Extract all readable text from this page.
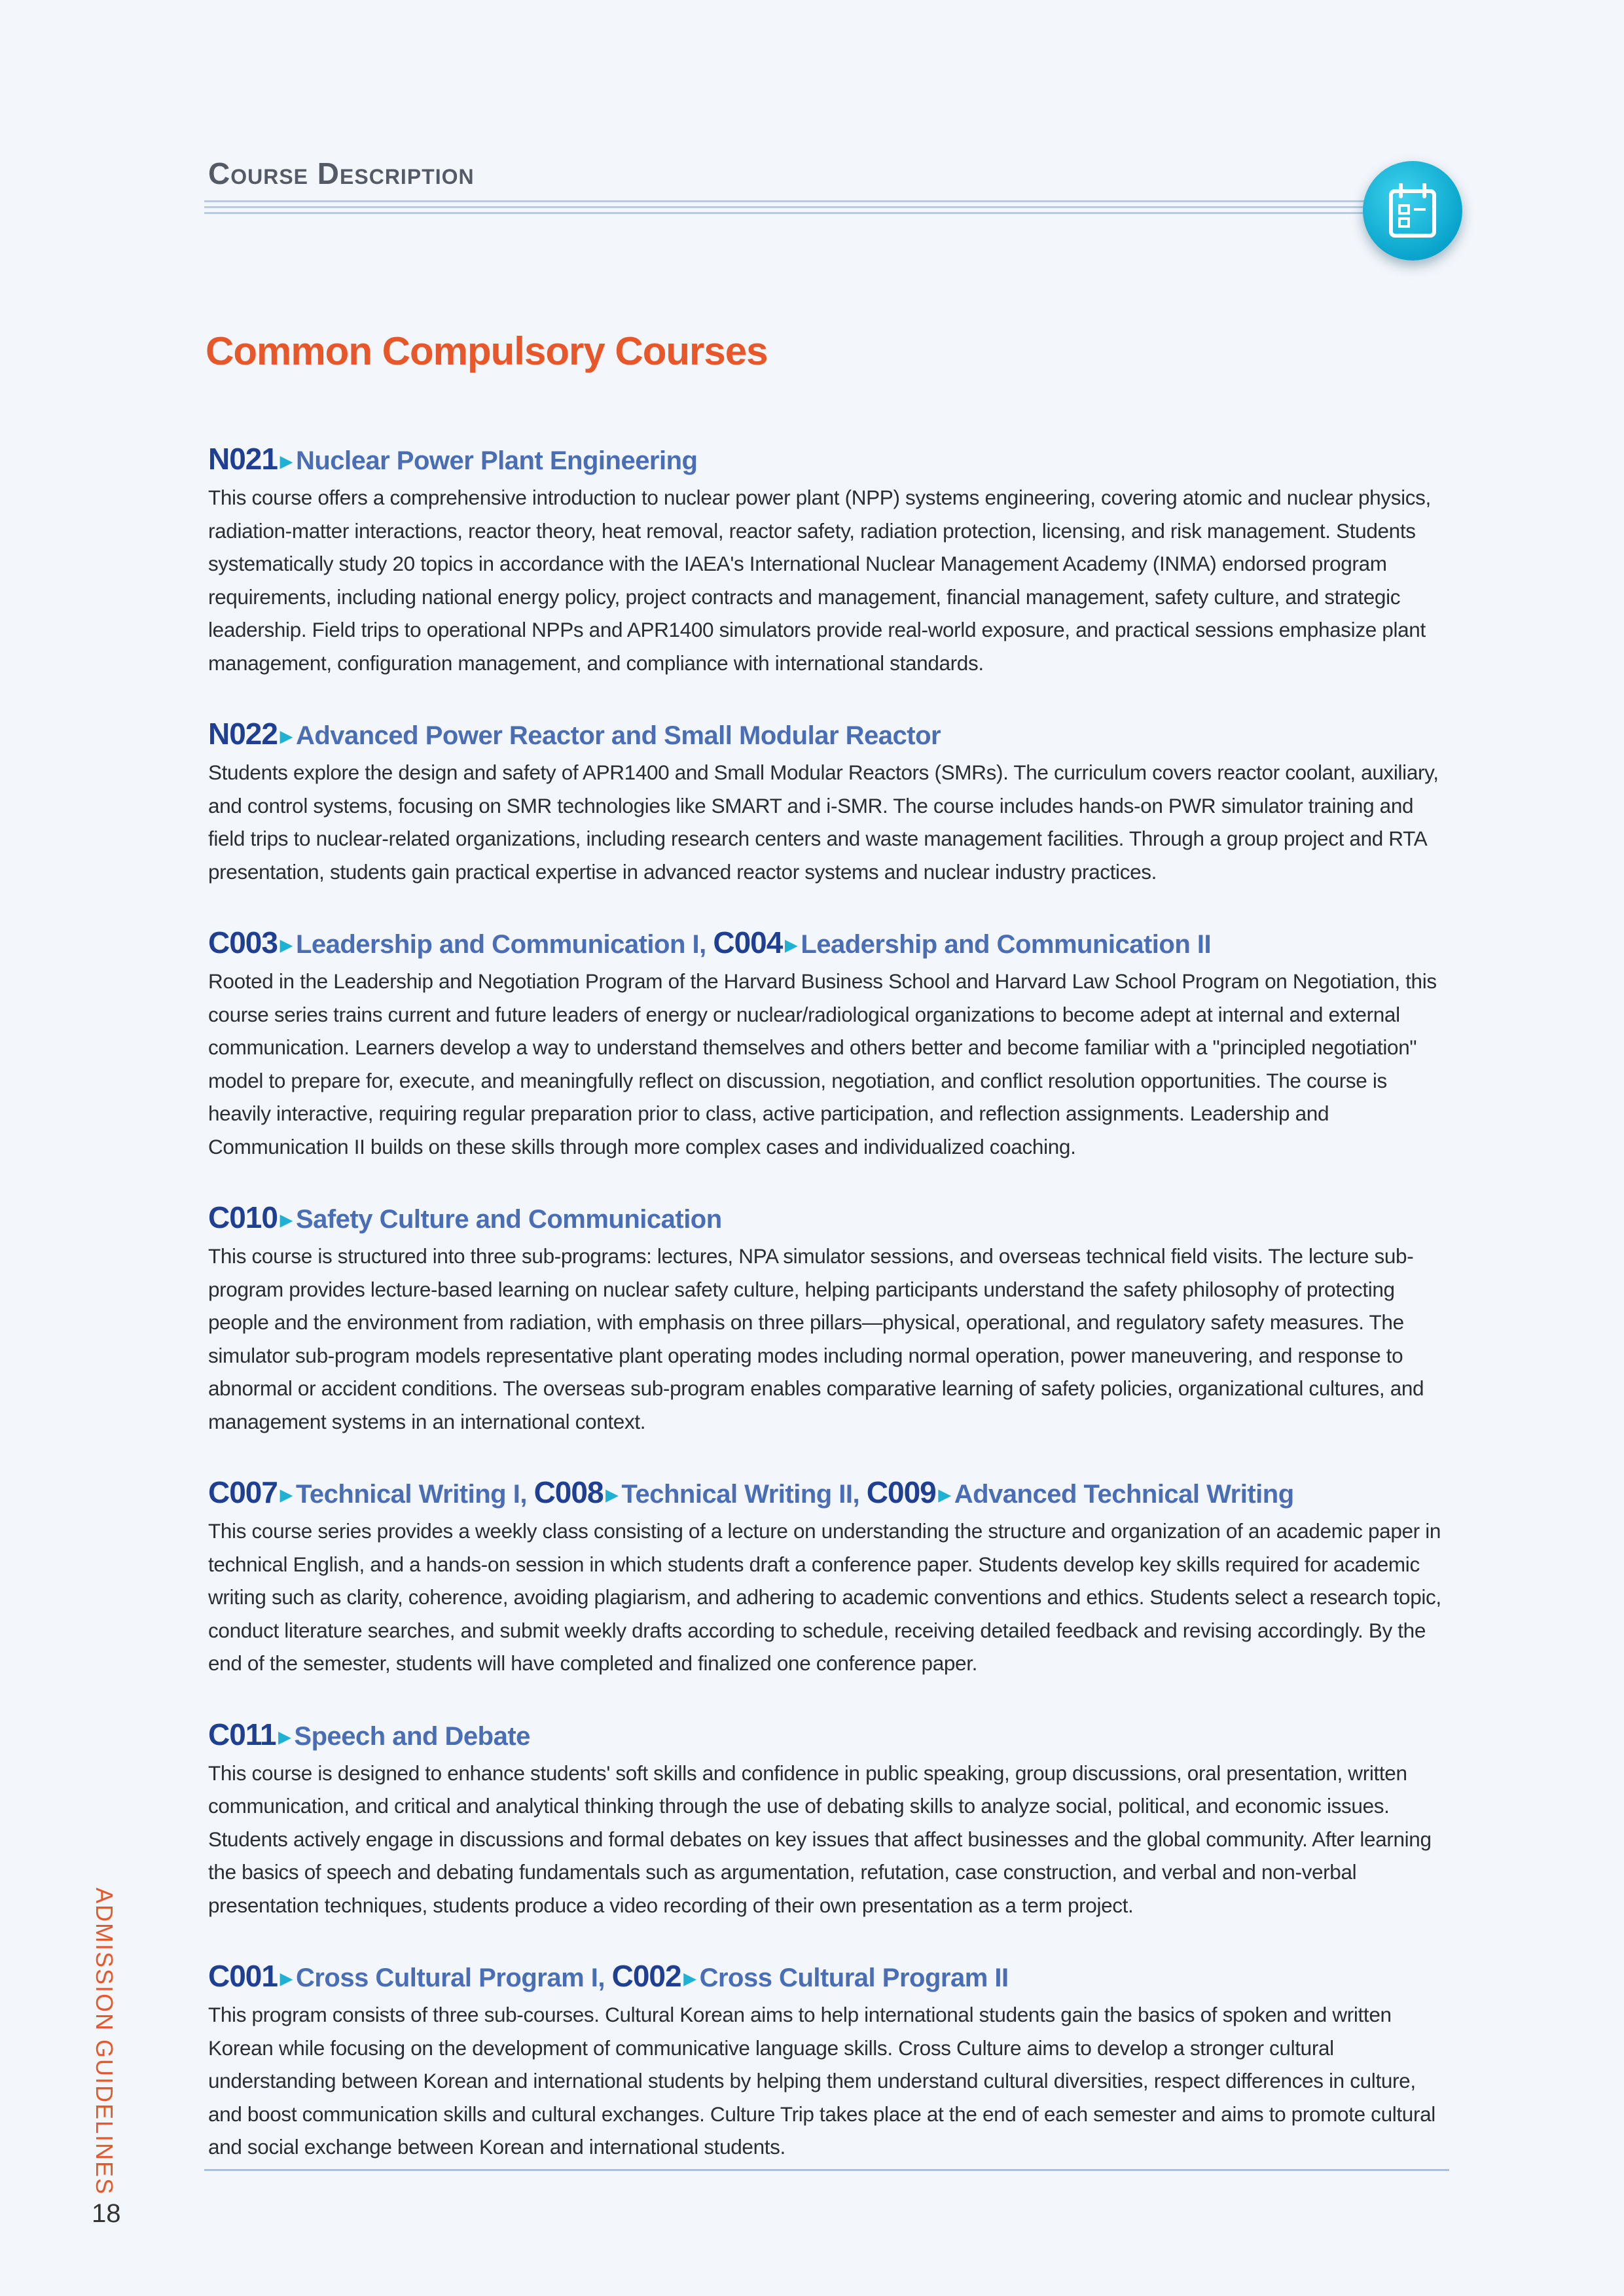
Course Description
Common Compulsory Courses
N021 ▶ Nuclear Power Plant Engineering

This course offers a comprehensive introduction to nuclear power plant (NPP) systems engineering, covering atomic and nuclear physics, radiation-matter interactions, reactor theory, heat removal, reactor safety, radiation protection, licensing, and risk management. Students systematically study 20 topics in accordance with the IAEA's International Nuclear Management Academy (INMA) endorsed program requirements, including national energy policy, project contracts and management, financial management, safety culture, and strategic leadership. Field trips to operational NPPs and APR1400 simulators provide real-world exposure, and practical sessions emphasize plant management, configuration management, and compliance with international standards.

N022 ▶ Advanced Power Reactor and Small Modular Reactor

Students explore the design and safety of APR1400 and Small Modular Reactors (SMRs). The curriculum covers reactor coolant, auxiliary, and control systems, focusing on SMR technologies like SMART and i-SMR. The course includes hands-on PWR simulator training and field trips to nuclear-related organizations, including research centers and waste management facilities. Through a group project and RTA presentation, students gain practical expertise in advanced reactor systems and nuclear industry practices.

C003 ▶ Leadership and Communication I, C004 ▶ Leadership and Communication II

Rooted in the Leadership and Negotiation Program of the Harvard Business School and Harvard Law School Program on Negotiation, this course series trains current and future leaders of energy or nuclear/radiological organizations to become adept at internal and external communication. Learners develop a way to understand themselves and others better and become familiar with a "principled negotiation" model to prepare for, execute, and meaningfully reflect on discussion, negotiation, and conflict resolution opportunities. The course is heavily interactive, requiring regular preparation prior to class, active participation, and reflection assignments. Leadership and Communication II builds on these skills through more complex cases and individualized coaching.

C010 ▶ Safety Culture and Communication

This course is structured into three sub-programs: lectures, NPA simulator sessions, and overseas technical field visits. The lecture sub-program provides lecture-based learning on nuclear safety culture, helping participants understand the safety philosophy of protecting people and the environment from radiation, with emphasis on three pillars—physical, operational, and regulatory safety measures. The simulator sub-program models representative plant operating modes including normal operation, power maneuvering, and response to abnormal or accident conditions. The overseas sub-program enables comparative learning of safety policies, organizational cultures, and management systems in an international context.

C007 ▶ Technical Writing I, C008 ▶ Technical Writing II, C009 ▶ Advanced Technical Writing

This course series provides a weekly class consisting of a lecture on understanding the structure and organization of an academic paper in technical English, and a hands-on session in which students draft a conference paper. Students develop key skills required for academic writing such as clarity, coherence, avoiding plagiarism, and adhering to academic conventions and ethics. Students select a research topic, conduct literature searches, and submit weekly drafts according to schedule, receiving detailed feedback and revising accordingly. By the end of the semester, students will have completed and finalized one conference paper.

C011 ▶ Speech and Debate

This course is designed to enhance students' soft skills and confidence in public speaking, group discussions, oral presentation, written communication, and critical and analytical thinking through the use of debating skills to analyze social, political, and economic issues. Students actively engage in discussions and formal debates on key issues that affect businesses and the global community. After learning the basics of speech and debating fundamentals such as argumentation, refutation, case construction, and verbal and non-verbal presentation techniques, students produce a video recording of their own presentation as a term project.

C001 ▶ Cross Cultural Program I, C002 ▶ Cross Cultural Program II

This program consists of three sub-courses. Cultural Korean aims to help international students gain the basics of spoken and written Korean while focusing on the development of communicative language skills. Cross Culture aims to develop a stronger cultural understanding between Korean and international students by helping them understand cultural diversities, respect differences in culture, and boost communication skills and cultural exchanges. Culture Trip takes place at the end of each semester and aims to promote cultural and social exchange between Korean and international students.

ADMISSION GUIDELINES
18
